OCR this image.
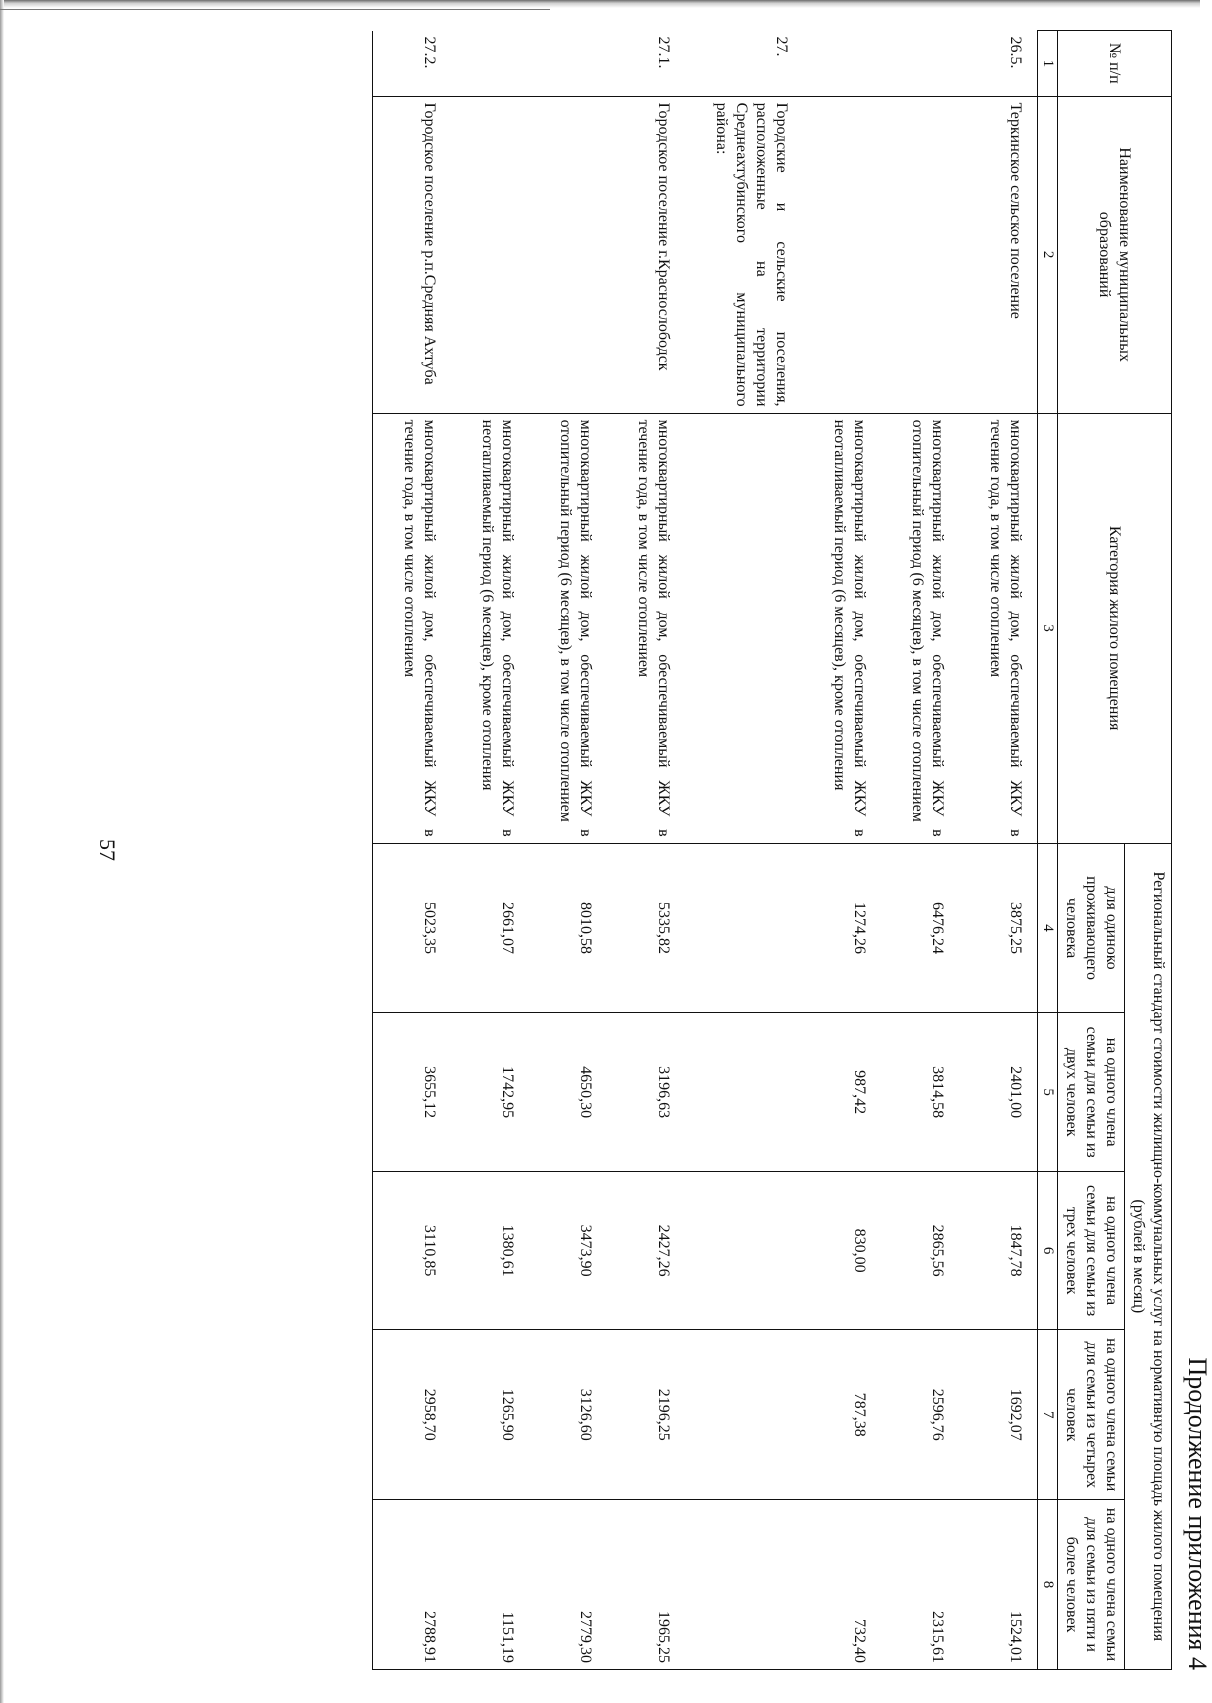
57
№ п/п	Наименование муниципальных образований	Категория жилого помещения	Региональный стандарт стоимости жилищно-коммунальных услуг на нормативную площадь жилого помещения (рублей в месяц)				
			для одиноко проживающего человека	на одного члена семьи для семьи из двух человек	на одного члена семьи для семьи из трех человек	на одного члена семьи для семьи из четырех человек	на одного члена семьи для семьи из пяти и более человек
1	2	3	4	5	6	7	8
26.5.	Теркинское сельское поселение	многоквартирный жилой дом, обеспечиваемый ЖКУ в течение года, в том числе отоплением	3875,25	2401,00	1847,78	1692,07	1524,01
		многоквартирный жилой дом, обеспечиваемый ЖКУ в отопительный период (6 месяцев), в том числе отоплением	6476,24	3814,58	2865,56	2596,76	2315,61
		многоквартирный жилой дом, обеспечиваемый ЖКУ в неотапливаемый период (6 месяцев), кроме отопления	1274,26	987,42	830,00	787,38	732,40
27.	Городские и сельские поселения, расположенные на территории Среднеахтубинского муниципального района:						
27.1.	Городское поселение г.Краснослободск	многоквартирный жилой дом, обеспечиваемый ЖКУ в течение года, в том числе отоплением	5335,82	3196,63	2427,26	2196,25	1965,25
		многоквартирный жилой дом, обеспечиваемый ЖКУ в отопительный период (6 месяцев), в том числе отоплением	8010,58	4650,30	3473,90	3126,60	2779,30
		многоквартирный жилой дом, обеспечиваемый ЖКУ в неотапливаемый период (6 месяцев), кроме отопления	2661,07	1742,95	1380,61	1265,90	1151,19
27.2.	Городское поселение р.п.Средняя Ахтуба	многоквартирный жилой дом, обеспечиваемый ЖКУ в течение года, в том числе отоплением	5023,35	3655,12	3110,85	2958,70	2788,91	Продолжение приложения 4
